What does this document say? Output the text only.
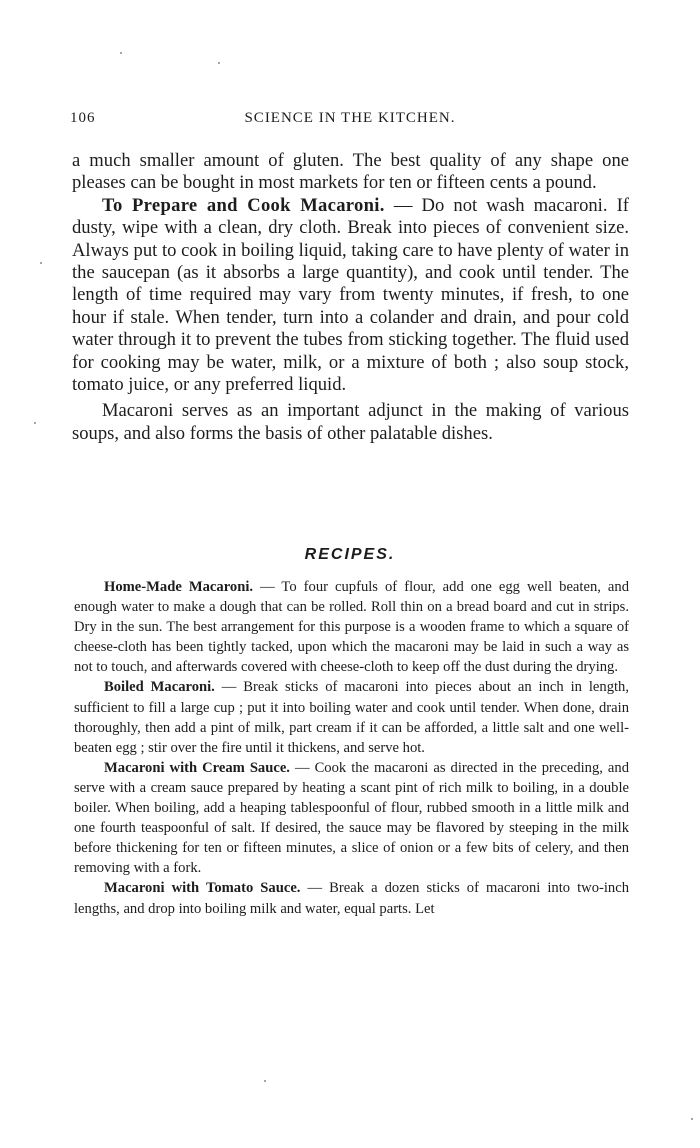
106	SCIENCE IN THE KITCHEN.

a much smaller amount of gluten. The best quality of any shape one pleases can be bought in most markets for ten or fifteen cents a pound.

To Prepare and Cook Macaroni. — Do not wash macaroni. If dusty, wipe with a clean, dry cloth. Break into pieces of convenient size. Always put to cook in boiling liquid, taking care to have plenty of water in the saucepan (as it absorbs a large quantity), and cook until tender. The length of time required may vary from twenty minutes, if fresh, to one hour if stale. When tender, turn into a colander and drain, and pour cold water through it to prevent the tubes from sticking together. The fluid used for cooking may be water, milk, or a mixture of both ; also soup stock, tomato juice, or any preferred liquid.

Macaroni serves as an important adjunct in the making of various soups, and also forms the basis of other palatable dishes.

RECIPES.

Home-Made Macaroni. — To four cupfuls of flour, add one egg well beaten, and enough water to make a dough that can be rolled. Roll thin on a bread board and cut in strips. Dry in the sun. The best arrangement for this purpose is a wooden frame to which a square of cheese-cloth has been tightly tacked, upon which the macaroni may be laid in such a way as not to touch, and afterwards covered with cheese-cloth to keep off the dust during the drying.

Boiled Macaroni. — Break sticks of macaroni into pieces about an inch in length, sufficient to fill a large cup ; put it into boiling water and cook until tender. When done, drain thoroughly, then add a pint of milk, part cream if it can be afforded, a little salt and one well-beaten egg ; stir over the fire until it thickens, and serve hot.

Macaroni with Cream Sauce. — Cook the macaroni as directed in the preceding, and serve with a cream sauce prepared by heating a scant pint of rich milk to boiling, in a double boiler. When boiling, add a heaping tablespoonful of flour, rubbed smooth in a little milk and one fourth teaspoonful of salt. If desired, the sauce may be flavored by steeping in the milk before thickening for ten or fifteen minutes, a slice of onion or a few bits of celery, and then removing with a fork.

Macaroni with Tomato Sauce. — Break a dozen sticks of macaroni into two-inch lengths, and drop into boiling milk and water, equal parts. Let
